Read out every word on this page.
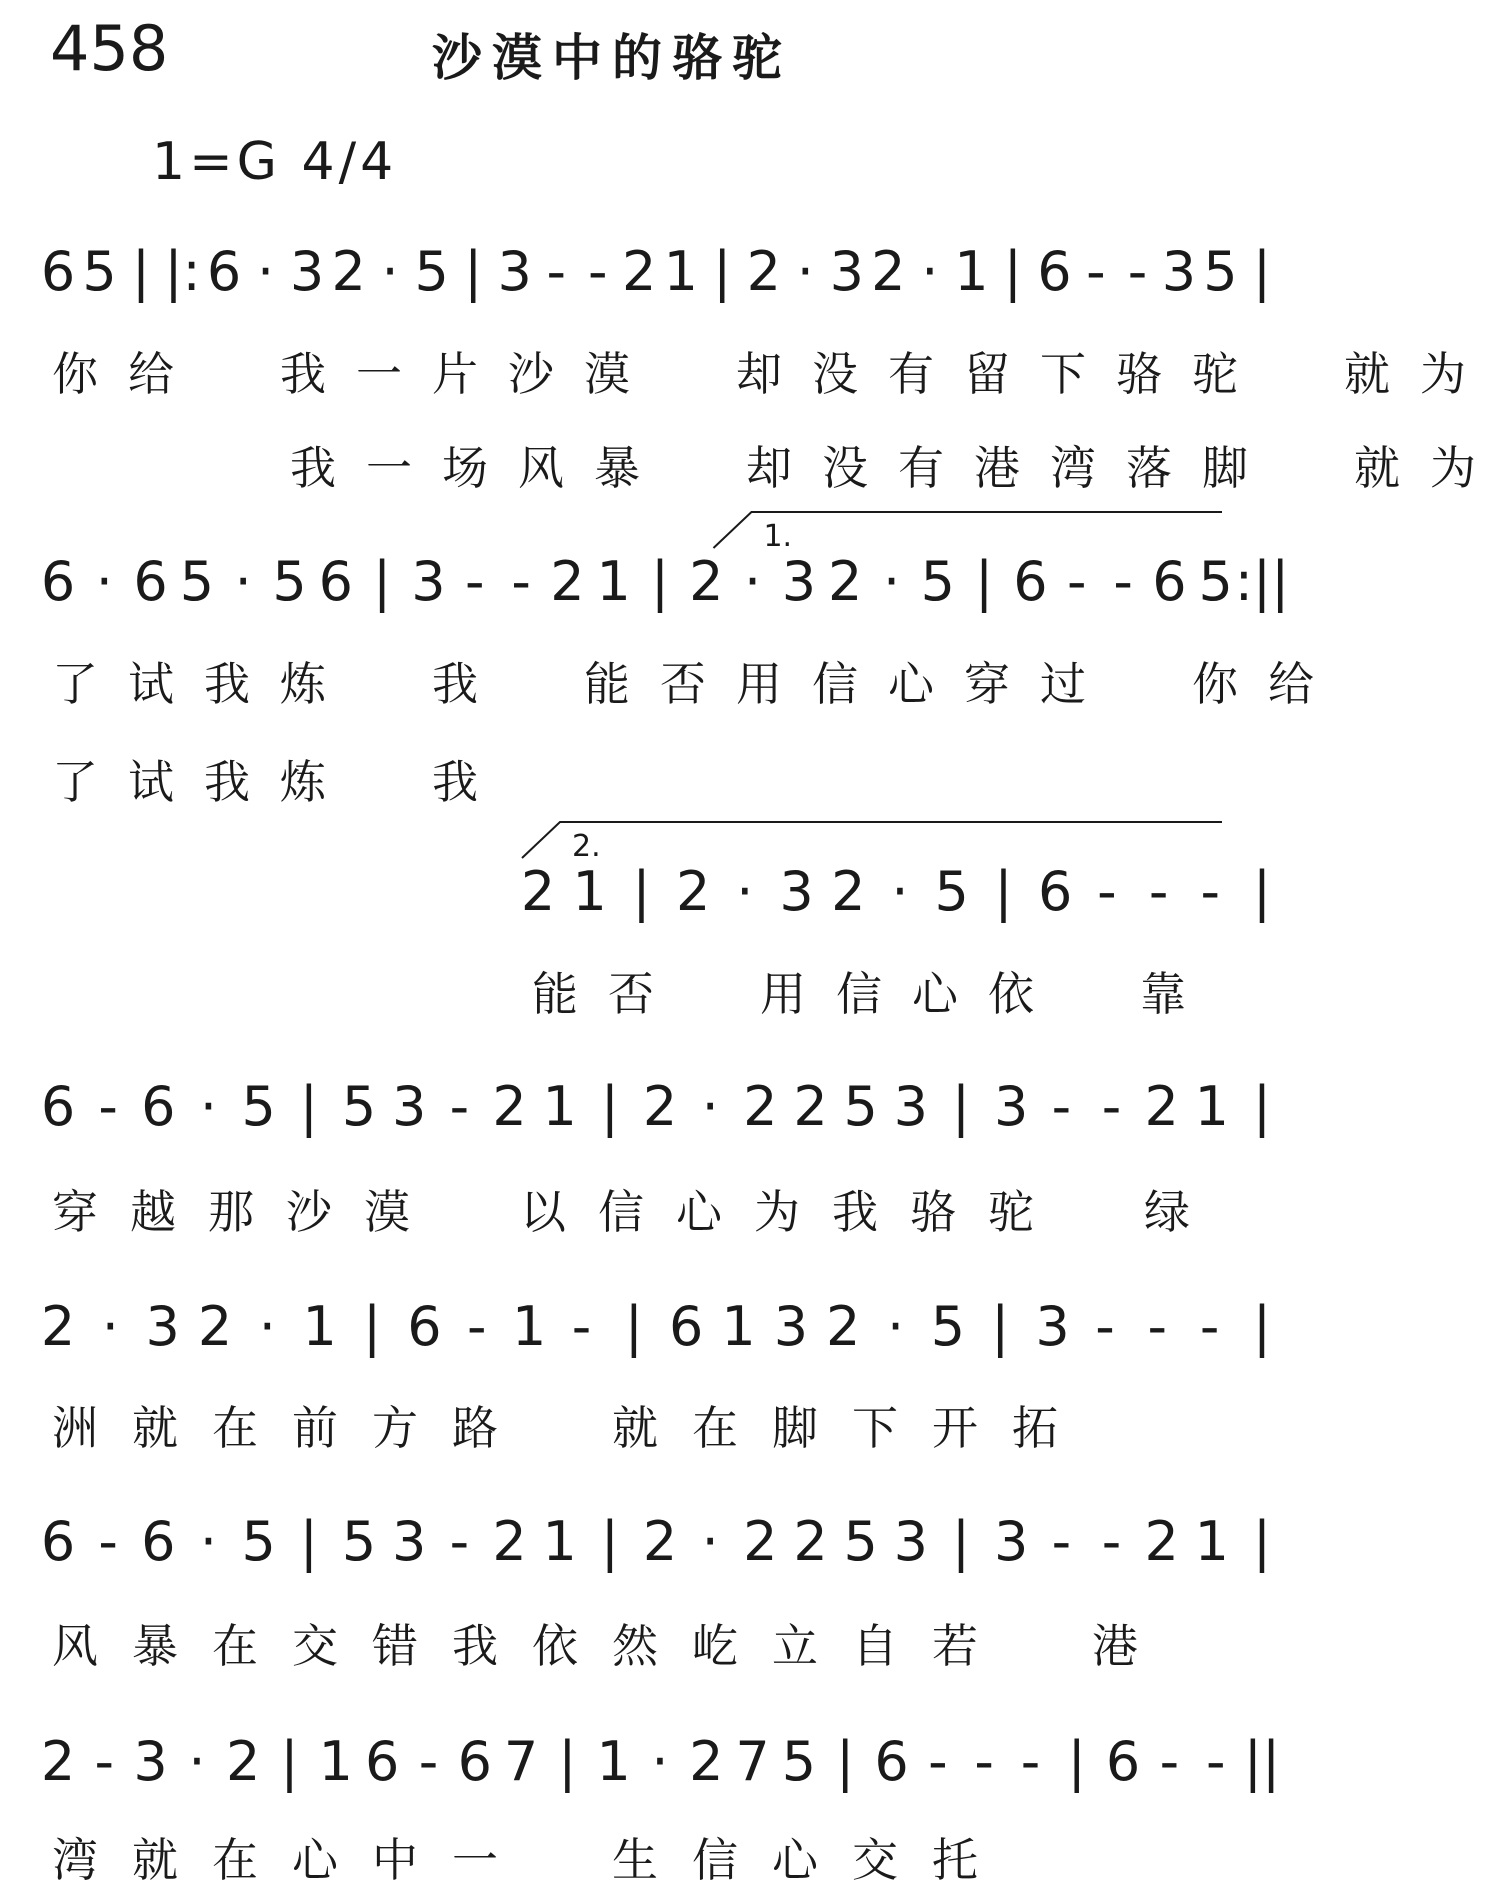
458	沙漠中的骆驼
1=G 4/4
你给　我一片沙漠　却没有留下骆驼　就为
　　我一场风暴　却没有港湾落脚　就为
了试我炼　我　能否用信心穿过　你给
了试我炼　我
能否　用信心依　靠
穿越那沙漠　以信心为我骆驼　绿
洲就在前方路　就在脚下开拓
风暴在交错我依然屹立自若　港
湾就在心中一　生信心交托
6 5 | |: 6 · 3 2 · 5 | 3 - - 2 1 | 2 · 3 2 · 1 | 6 - - 3 5 |
6 · 6 5 · 5 6 | 3 - - 2 1 | 2 · 3 2 · 5 | 6 - - 6 5 :||
1.
2 1 | 2 · 3 2 · 5 | 6 - - - |
2.
6 - 6 · 5 | 5 3 - 2 1 | 2 · 2 2 5 3 | 3 - - 2 1 |
2 · 3 2 · 1 | 6 - 1 - | 6 1 3 2 · 5 | 3 - - - |
6 - 6 · 5 | 5 3 - 2 1 | 2 · 2 2 5 3 | 3 - - 2 1 |
2 - 3 · 2 | 1 6 - 6 7 | 1 · 2 7 5 | 6 - - - | 6 - - ||
